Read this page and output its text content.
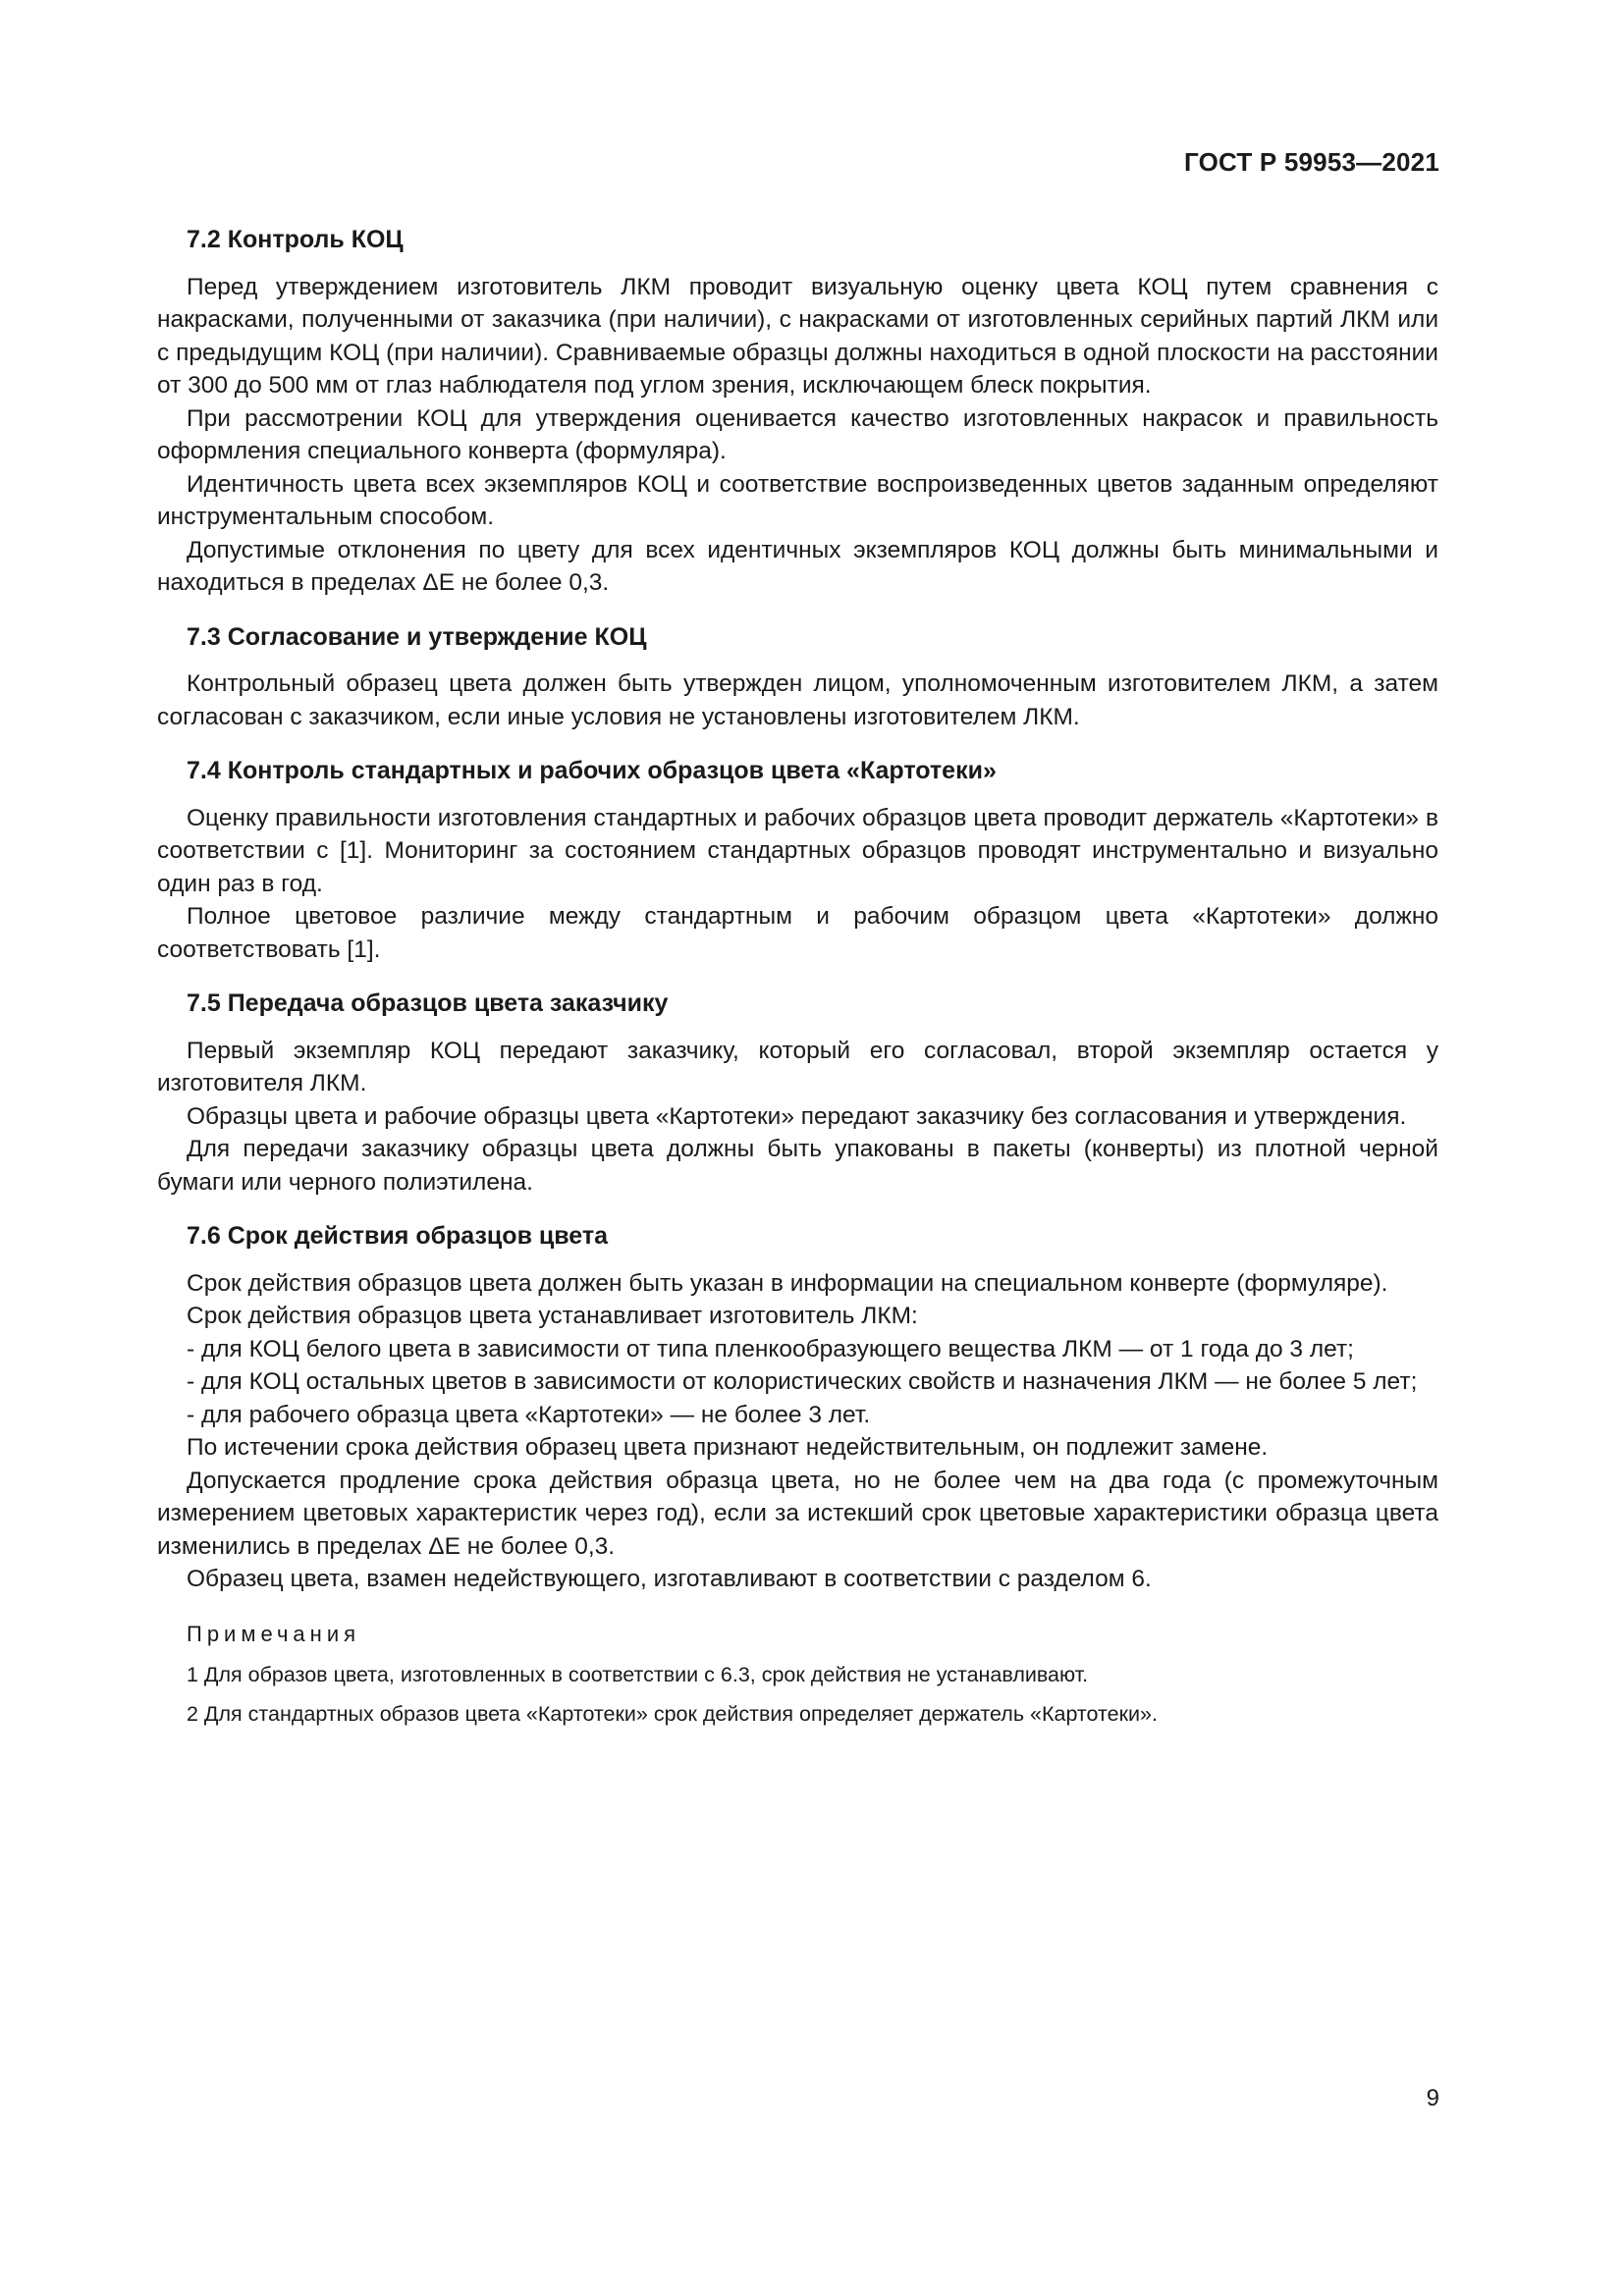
ГОСТ Р 59953—2021
7.2 Контроль КОЦ

Перед утверждением изготовитель ЛКМ проводит визуальную оценку цвета КОЦ путем сравнения с накрасками, полученными от заказчика (при наличии), с накрасками от изготовленных серийных партий ЛКМ или с предыдущим КОЦ (при наличии). Сравниваемые образцы должны находиться в одной плоскости на расстоянии от 300 до 500 мм от глаз наблюдателя под углом зрения, исключающем блеск покрытия.

При рассмотрении КОЦ для утверждения оценивается качество изготовленных накрасок и правильность оформления специального конверта (формуляра).

Идентичность цвета всех экземпляров КОЦ и соответствие воспроизведенных цветов заданным определяют инструментальным способом.

Допустимые отклонения по цвету для всех идентичных экземпляров КОЦ должны быть минимальными и находиться в пределах ΔE не более 0,3.

7.3 Согласование и утверждение КОЦ

Контрольный образец цвета должен быть утвержден лицом, уполномоченным изготовителем ЛКМ, а затем согласован с заказчиком, если иные условия не установлены изготовителем ЛКМ.

7.4 Контроль стандартных и рабочих образцов цвета «Картотеки»

Оценку правильности изготовления стандартных и рабочих образцов цвета проводит держатель «Картотеки» в соответствии с [1]. Мониторинг за состоянием стандартных образцов проводят инструментально и визуально один раз в год.

Полное цветовое различие между стандартным и рабочим образцом цвета «Картотеки» должно соответствовать [1].

7.5 Передача образцов цвета заказчику

Первый экземпляр КОЦ передают заказчику, который его согласовал, второй экземпляр остается у изготовителя ЛКМ.

Образцы цвета и рабочие образцы цвета «Картотеки» передают заказчику без согласования и утверждения.

Для передачи заказчику образцы цвета должны быть упакованы в пакеты (конверты) из плотной черной бумаги или черного полиэтилена.

7.6 Срок действия образцов цвета

Срок действия образцов цвета должен быть указан в информации на специальном конверте (формуляре).

Срок действия образцов цвета устанавливает изготовитель ЛКМ:

- для КОЦ белого цвета в зависимости от типа пленкообразующего вещества ЛКМ — от 1 года до 3 лет;

- для КОЦ остальных цветов в зависимости от колористических свойств и назначения ЛКМ — не более 5 лет;

- для рабочего образца цвета «Картотеки» — не более 3 лет.

По истечении срока действия образец цвета признают недействительным, он подлежит замене.

Допускается продление срока действия образца цвета, но не более чем на два года (с промежуточным измерением цветовых характеристик через год), если за истекший срок цветовые характеристики образца цвета изменились в пределах ΔE не более 0,3.

Образец цвета, взамен недействующего, изготавливают в соответствии с разделом 6.

Примечания

1 Для образов цвета, изготовленных в соответствии с 6.3, срок действия не устанавливают.

2 Для стандартных образов цвета «Картотеки» срок действия определяет держатель «Картотеки».

9
